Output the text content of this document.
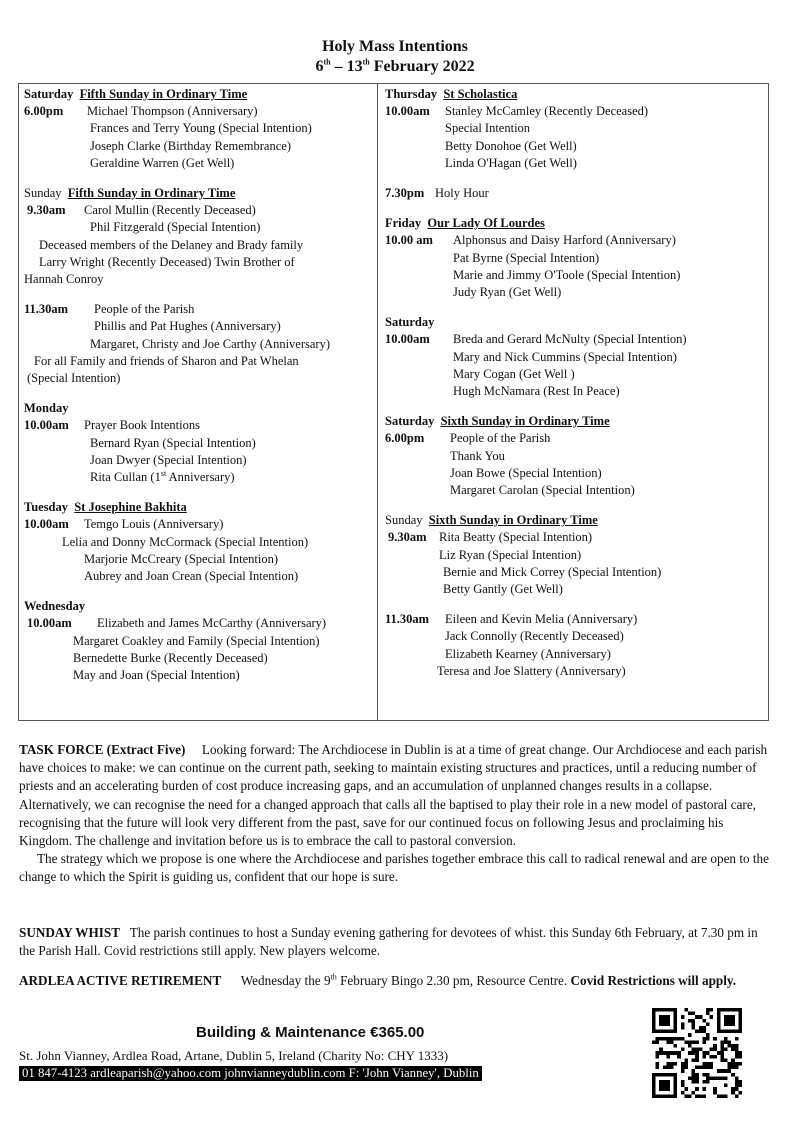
Holy Mass Intentions
6th – 13th February 2022
Saturday Fifth Sunday in Ordinary Time
6.00pm Michael Thompson (Anniversary)
Frances and Terry Young (Special Intention)
Joseph Clarke (Birthday Remembrance)
Geraldine Warren (Get Well)
Sunday Fifth Sunday in Ordinary Time
9.30am Carol Mullin (Recently Deceased)
Phil Fitzgerald (Special Intention)
Deceased members of the Delaney and Brady family
Larry Wright (Recently Deceased) Twin Brother of
Hannah Conroy
11.30am People of the Parish
Phillis and Pat Hughes (Anniversary)
Margaret, Christy and Joe Carthy (Anniversary)
For all Family and friends of Sharon and Pat Whelan
(Special Intention)
Monday
10.00am Prayer Book Intentions
Bernard Ryan (Special Intention)
Joan Dwyer (Special Intention)
Rita Cullan (1st Anniversary)
Tuesday St Josephine Bakhita
10.00am Temgo Louis (Anniversary)
Lelia and Donny McCormack (Special Intention)
Marjorie McCreary (Special Intention)
Aubrey and Joan Crean (Special Intention)
Wednesday
10.00am Elizabeth and James McCarthy (Anniversary)
Margaret Coakley and Family (Special Intention)
Bernedette Burke (Recently Deceased)
May and Joan (Special Intention)
Thursday St Scholastica
10.00am Stanley McCamley (Recently Deceased)
Special Intention
Betty Donohoe (Get Well)
Linda O'Hagan (Get Well)
7.30pm Holy Hour
Friday Our Lady Of Lourdes
10.00 am Alphonsus and Daisy Harford (Anniversary)
Pat Byrne (Special Intention)
Marie and Jimmy O'Toole (Special Intention)
Judy Ryan (Get Well)
Saturday
10.00am Breda and Gerard McNulty (Special Intention)
Mary and Nick Cummins (Special Intention)
Mary Cogan (Get Well )
Hugh McNamara (Rest In Peace)
Saturday Sixth Sunday in Ordinary Time
6.00pm People of the Parish
Thank You
Joan Bowe (Special Intention)
Margaret Carolan (Special Intention)
Sunday Sixth Sunday in Ordinary Time
9.30am Rita Beatty (Special Intention)
Liz Ryan (Special Intention)
Bernie and Mick Correy (Special Intention)
Betty Gantly (Get Well)
11.30am Eileen and Kevin Melia (Anniversary)
Jack Connolly (Recently Deceased)
Elizabeth Kearney (Anniversary)
Teresa and Joe Slattery (Anniversary)

TASK FORCE (Extract Five) Looking forward: The Archdiocese in Dublin is at a time of great change. Our Archdiocese and each parish have choices to make: we can continue on the current path, seeking to maintain existing structures and practices, until a reducing number of priests and an accelerating burden of cost produce increasing gaps, and an accumulation of unplanned changes results in a collapse. Alternatively, we can recognise the need for a changed approach that calls all the baptised to play their role in a new model of pastoral care, recognising that the future will look very different from the past, save for our continued focus on following Jesus and proclaiming his Kingdom. The challenge and invitation before us is to embrace the call to pastoral conversion.

The strategy which we propose is one where the Archdiocese and parishes together embrace this call to radical renewal and are open to the change to which the Spirit is guiding us, confident that our hope is sure.

SUNDAY WHIST The parish continues to host a Sunday evening gathering for devotees of whist. this Sunday 6th February, at 7.30 pm in the Parish Hall. Covid restrictions still apply. New players welcome.

ARDLEA ACTIVE RETIREMENT Wednesday the 9th February Bingo 2.30 pm, Resource Centre. Covid Restrictions will apply.

Building & Maintenance €365.00
St. John Vianney, Ardlea Road, Artane, Dublin 5, Ireland (Charity No: CHY 1333)
01 847-4123 ardleaparish@yahoo.com johnvianneydublin.com F: 'John Vianney', Dublin
